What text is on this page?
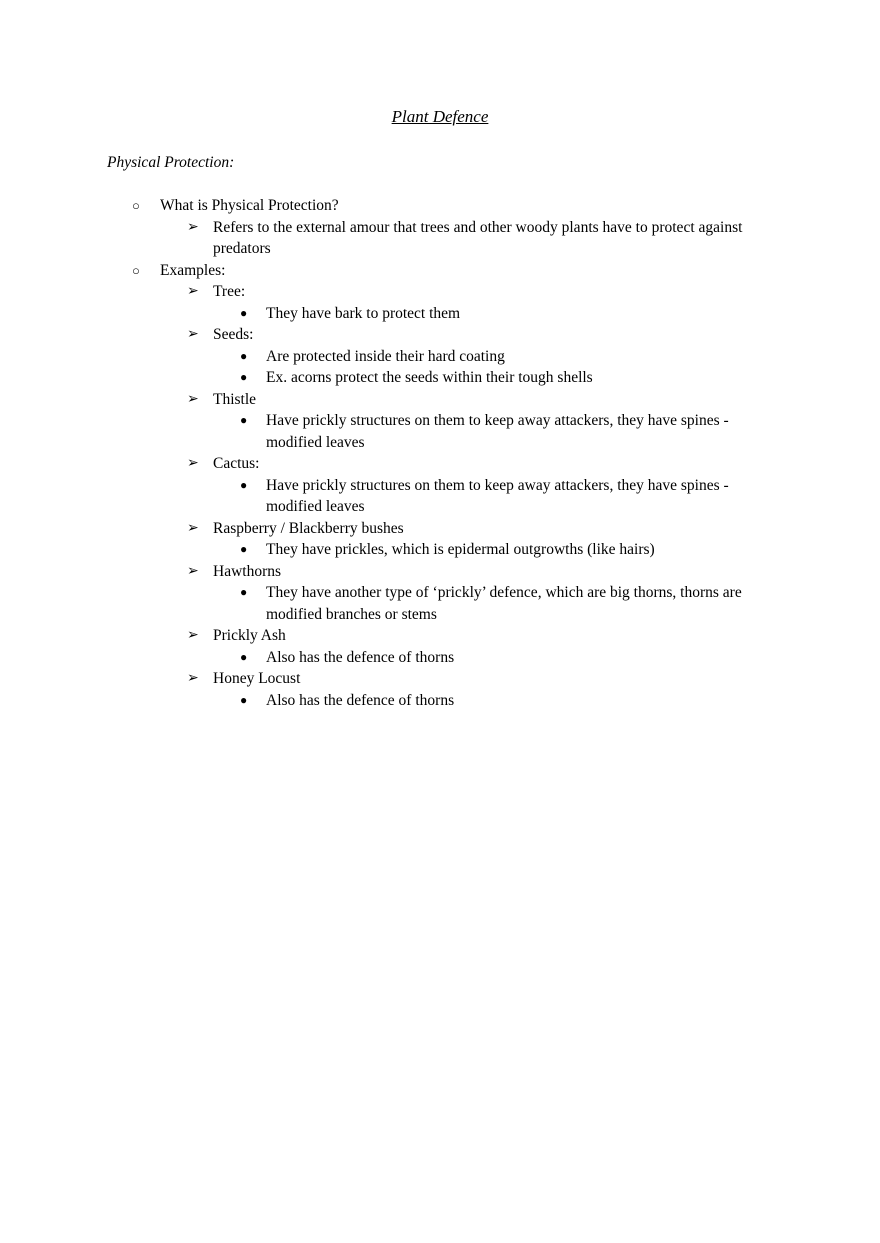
Plant Defence
Physical Protection:
○ What is Physical Protection?
➢ Refers to the external amour that trees and other woody plants have to protect against predators
○ Examples:
➢ Tree:
● They have bark to protect them
➢ Seeds:
● Are protected inside their hard coating
● Ex. acorns protect the seeds within their tough shells
➢ Thistle
● Have prickly structures on them to keep away attackers, they have spines - modified leaves
➢ Cactus:
● Have prickly structures on them to keep away attackers, they have spines - modified leaves
➢ Raspberry / Blackberry bushes
● They have prickles, which is epidermal outgrowths (like hairs)
➢ Hawthorns
● They have another type of ‘prickly’ defence, which are big thorns, thorns are modified branches or stems
➢ Prickly Ash
● Also has the defence of thorns
➢ Honey Locust
● Also has the defence of thorns
